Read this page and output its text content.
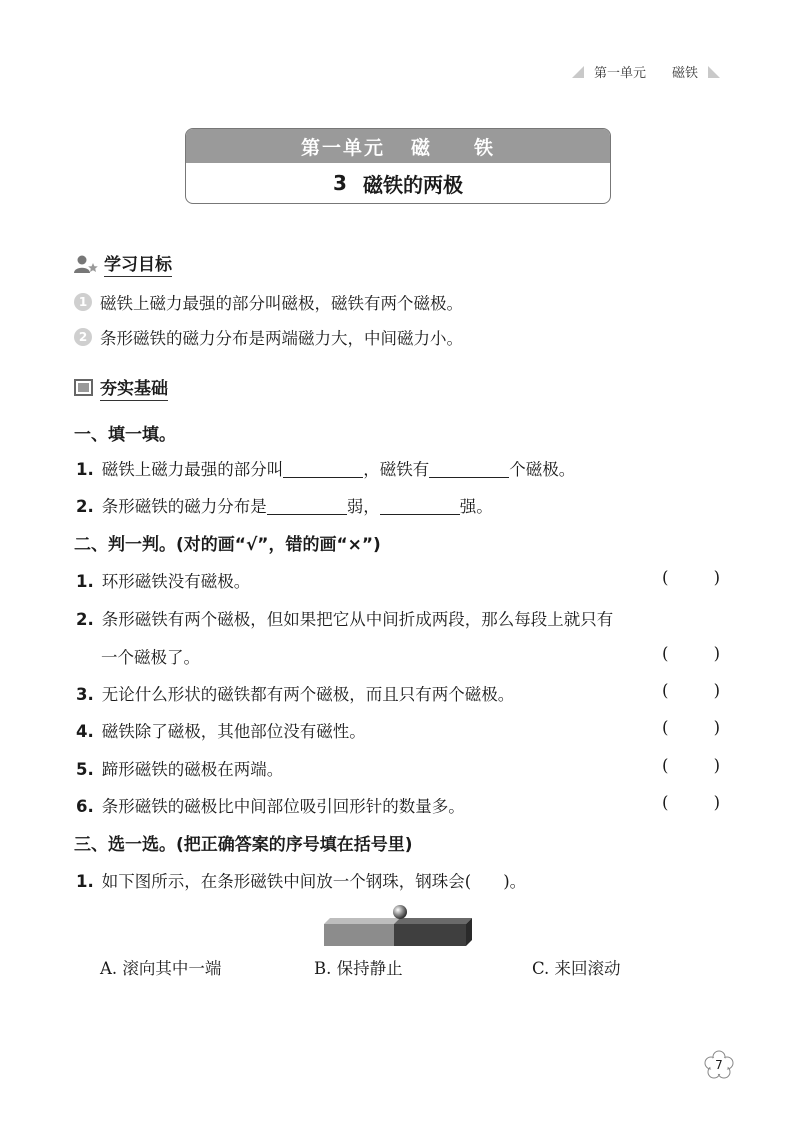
第一单元 磁铁
第一单元 磁 铁
3 磁铁的两极
学习目标
1 磁铁上磁力最强的部分叫磁极，磁铁有两个磁极。
2 条形磁铁的磁力分布是两端磁力大，中间磁力小。
夯实基础
一、填一填。
1. 磁铁上磁力最强的部分叫	，磁铁有	个磁极。
2. 条形磁铁的磁力分布是	弱，	强。
二、判一判。(对的画“√”，错的画“×”)
1. 环形磁铁没有磁极。	(	)
2. 条形磁铁有两个磁极，但如果把它从中间折成两段，那么每段上就只有
一个磁极了。	(	)
3. 无论什么形状的磁铁都有两个磁极，而且只有两个磁极。	(	)
4. 磁铁除了磁极，其他部位没有磁性。	(	)
5. 蹄形磁铁的磁极在两端。	(	)
6. 条形磁铁的磁极比中间部位吸引回形针的数量多。	(	)
三、选一选。(把正确答案的序号填在括号里)
1. 如下图所示，在条形磁铁中间放一个钢珠，钢珠会( )。
A. 滚向其中一端	B. 保持静止	C. 来回滚动
7
